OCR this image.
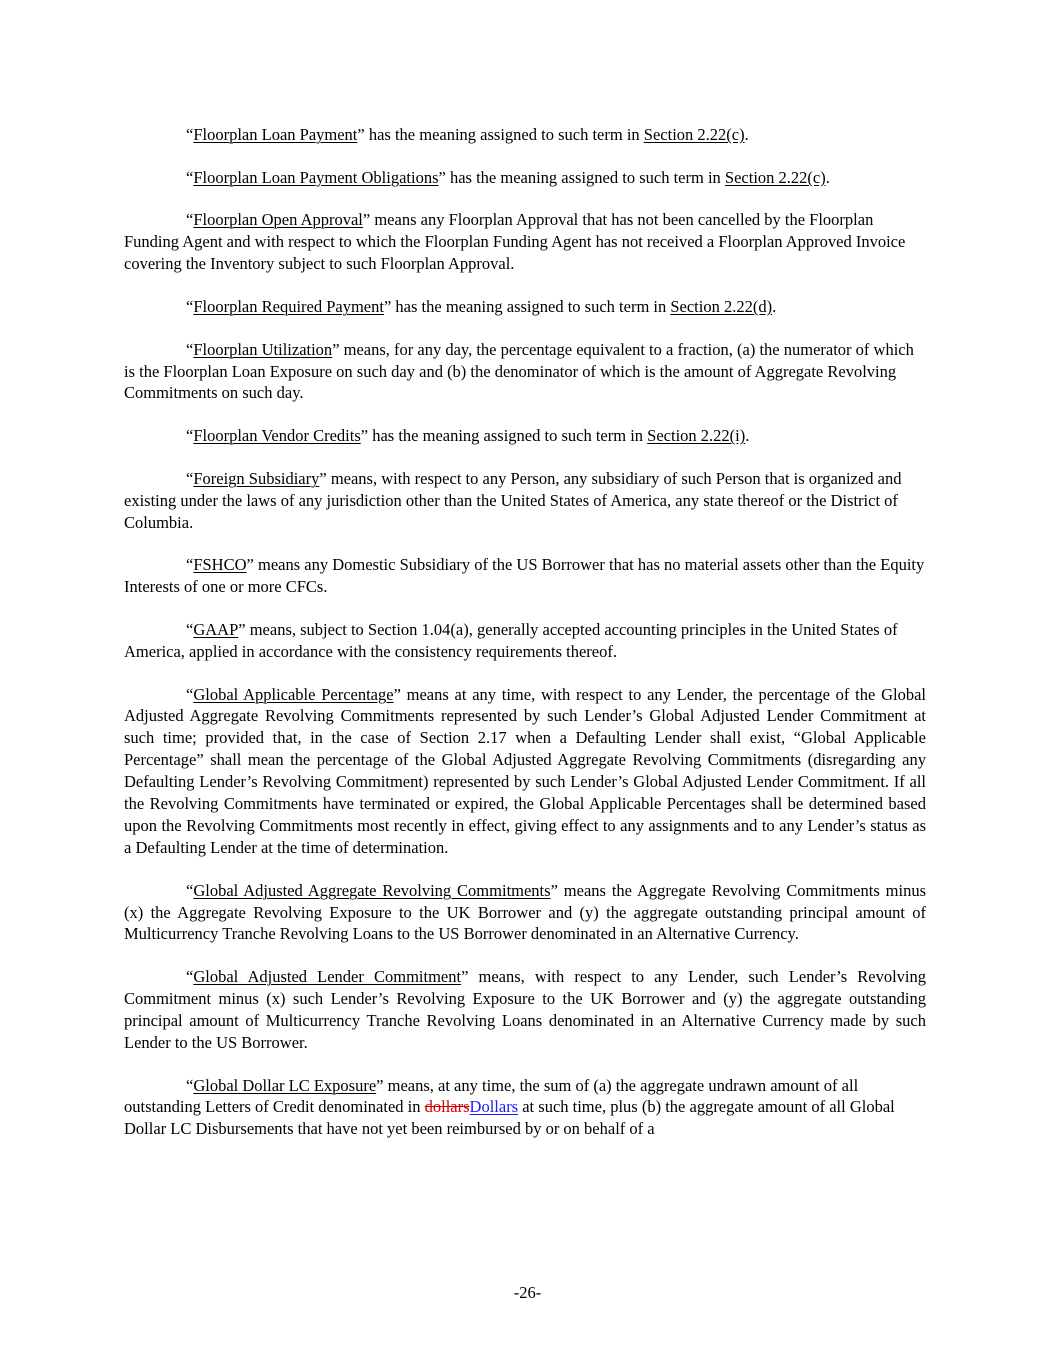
“Floorplan Loan Payment” has the meaning assigned to such term in Section 2.22(c).

“Floorplan Loan Payment Obligations” has the meaning assigned to such term in Section 2.22(c).

“Floorplan Open Approval” means any Floorplan Approval that has not been cancelled by the Floorplan Funding Agent and with respect to which the Floorplan Funding Agent has not received a Floorplan Approved Invoice covering the Inventory subject to such Floorplan Approval.

“Floorplan Required Payment” has the meaning assigned to such term in Section 2.22(d).

“Floorplan Utilization” means, for any day, the percentage equivalent to a fraction, (a) the numerator of which is the Floorplan Loan Exposure on such day and (b) the denominator of which is the amount of Aggregate Revolving Commitments on such day.

“Floorplan Vendor Credits” has the meaning assigned to such term in Section 2.22(i).

“Foreign Subsidiary” means, with respect to any Person, any subsidiary of such Person that is organized and existing under the laws of any jurisdiction other than the United States of America, any state thereof or the District of Columbia.

“FSHCO” means any Domestic Subsidiary of the US Borrower that has no material assets other than the Equity Interests of one or more CFCs.

“GAAP” means, subject to Section 1.04(a), generally accepted accounting principles in the United States of America, applied in accordance with the consistency requirements thereof.

“Global Applicable Percentage” means at any time, with respect to any Lender, the percentage of the Global Adjusted Aggregate Revolving Commitments represented by such Lender’s Global Adjusted Lender Commitment at such time; provided that, in the case of Section 2.17 when a Defaulting Lender shall exist, “Global Applicable Percentage” shall mean the percentage of the Global Adjusted Aggregate Revolving Commitments (disregarding any Defaulting Lender’s Revolving Commitment) represented by such Lender’s Global Adjusted Lender Commitment. If all the Revolving Commitments have terminated or expired, the Global Applicable Percentages shall be determined based upon the Revolving Commitments most recently in effect, giving effect to any assignments and to any Lender’s status as a Defaulting Lender at the time of determination.

“Global Adjusted Aggregate Revolving Commitments” means the Aggregate Revolving Commitments minus (x) the Aggregate Revolving Exposure to the UK Borrower and (y) the aggregate outstanding principal amount of Multicurrency Tranche Revolving Loans to the US Borrower denominated in an Alternative Currency.

“Global Adjusted Lender Commitment” means, with respect to any Lender, such Lender’s Revolving Commitment minus (x) such Lender’s Revolving Exposure to the UK Borrower and (y) the aggregate outstanding principal amount of Multicurrency Tranche Revolving Loans denominated in an Alternative Currency made by such Lender to the US Borrower.

“Global Dollar LC Exposure” means, at any time, the sum of (a) the aggregate undrawn amount of all outstanding Letters of Credit denominated in dollarsDollars at such time, plus (b) the aggregate amount of all Global Dollar LC Disbursements that have not yet been reimbursed by or on behalf of a

-26-
